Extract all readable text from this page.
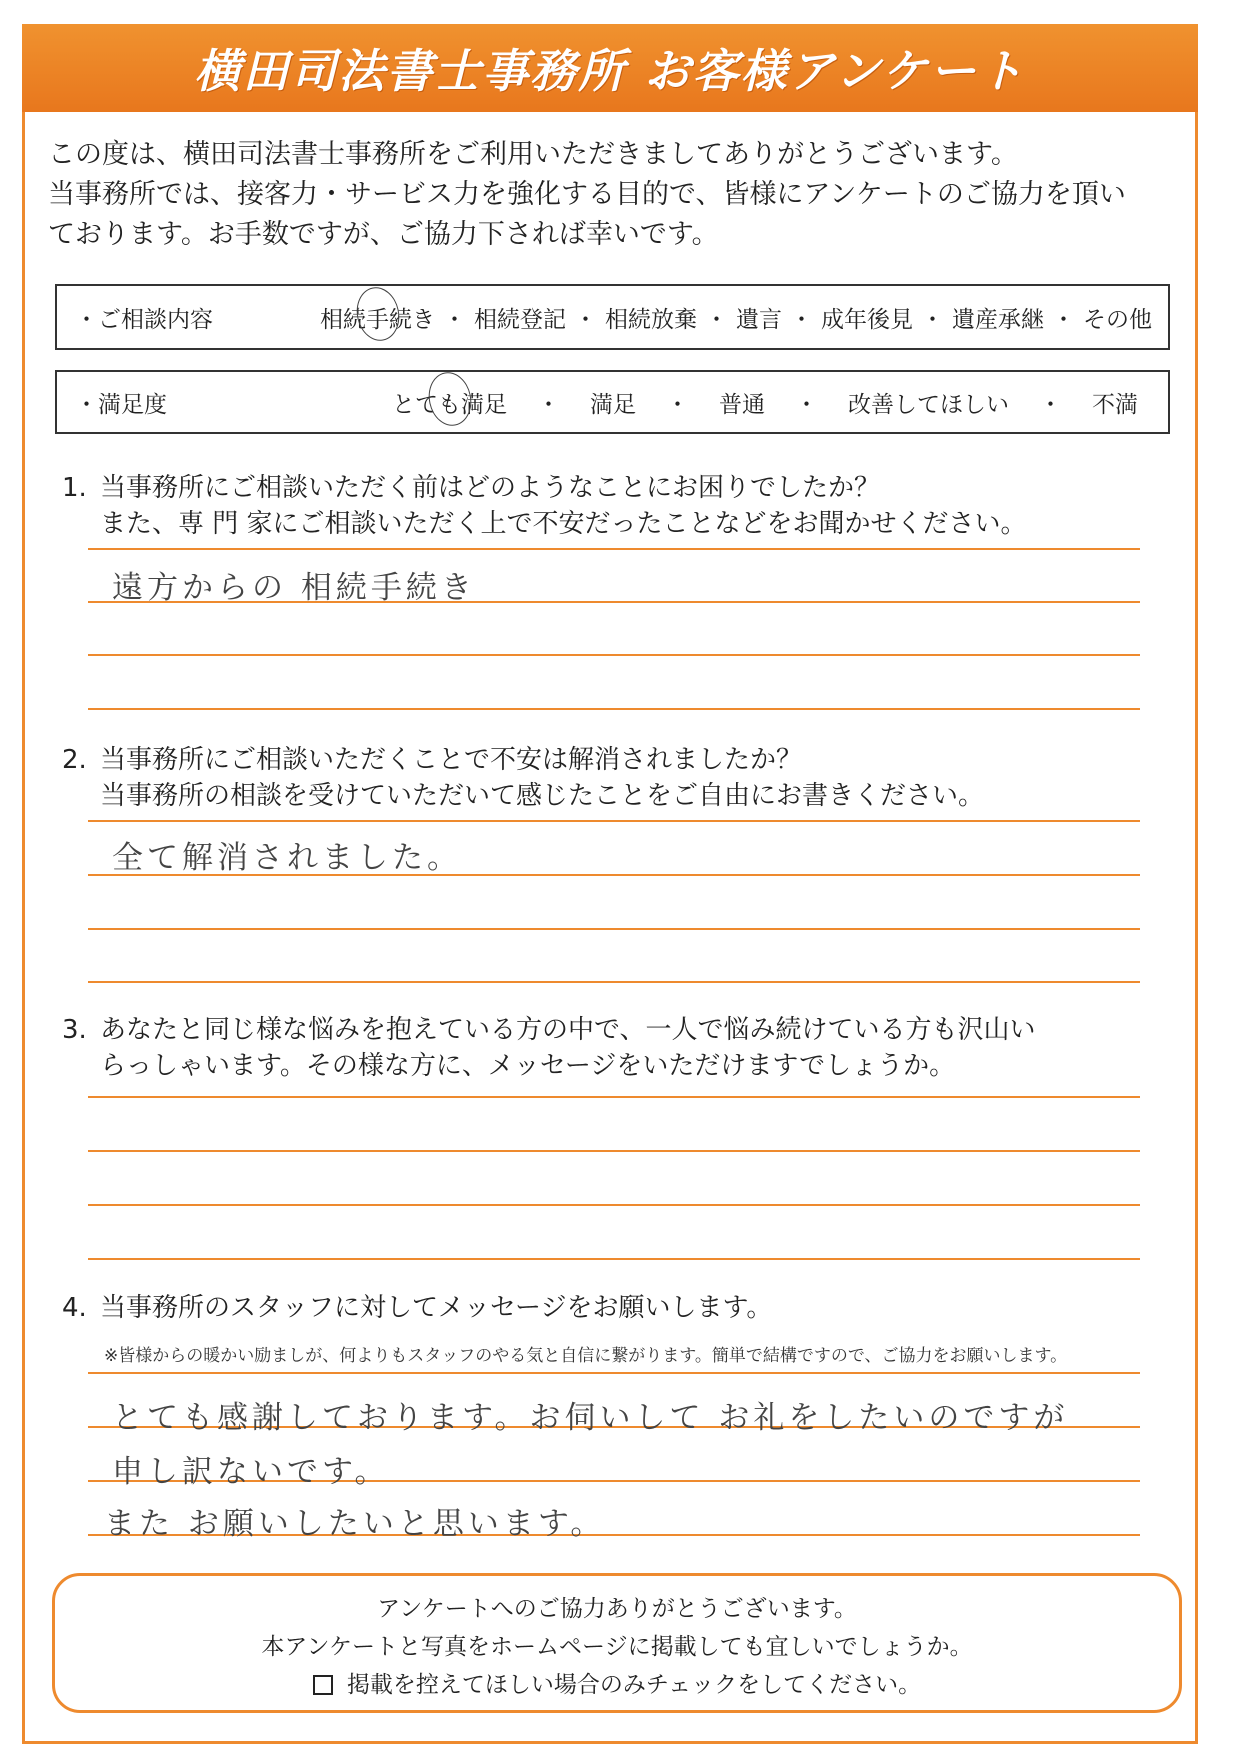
横田司法書士事務所 お客様アンケート
この度は、横田司法書士事務所をご利用いただきましてありがとうございます。
当事務所では、接客力・サービス力を強化する目的で、皆様にアンケートのご協力を頂い
ております。お手数ですが、ご協力下されば幸いです。
・ご相談内容	相続手続き ・ 相続登記 ・ 相続放棄 ・ 遺言 ・ 成年後見 ・ 遺産承継 ・ その他
・満足度	とても満足	・	満足	・	普通	・	改善してほしい	・	不満
1. 当事務所にご相談いただく前はどのようなことにお困りでしたか？
また、専 門 家にご相談いただく上で不安だったことなどをお聞かせください。
遠方からの 相続手続き
2. 当事務所にご相談いただくことで不安は解消されましたか？
当事務所の相談を受けていただいて感じたことをご自由にお書きください。
全て解消されました。
3. あなたと同じ様な悩みを抱えている方の中で、一人で悩み続けている方も沢山い
らっしゃいます。その様な方に、メッセージをいただけますでしょうか。
4. 当事務所のスタッフに対してメッセージをお願いします。
※皆様からの暖かい励ましが、何よりもスタッフのやる気と自信に繋がります。簡単で結構ですので、ご協力をお願いします。
とても感謝しております。お伺いして お礼をしたいのですが
申し訳ないです。
また お願いしたいと思います。
アンケートへのご協力ありがとうございます。
本アンケートと写真をホームページに掲載しても宜しいでしょうか。
掲載を控えてほしい場合のみチェックをしてください。
